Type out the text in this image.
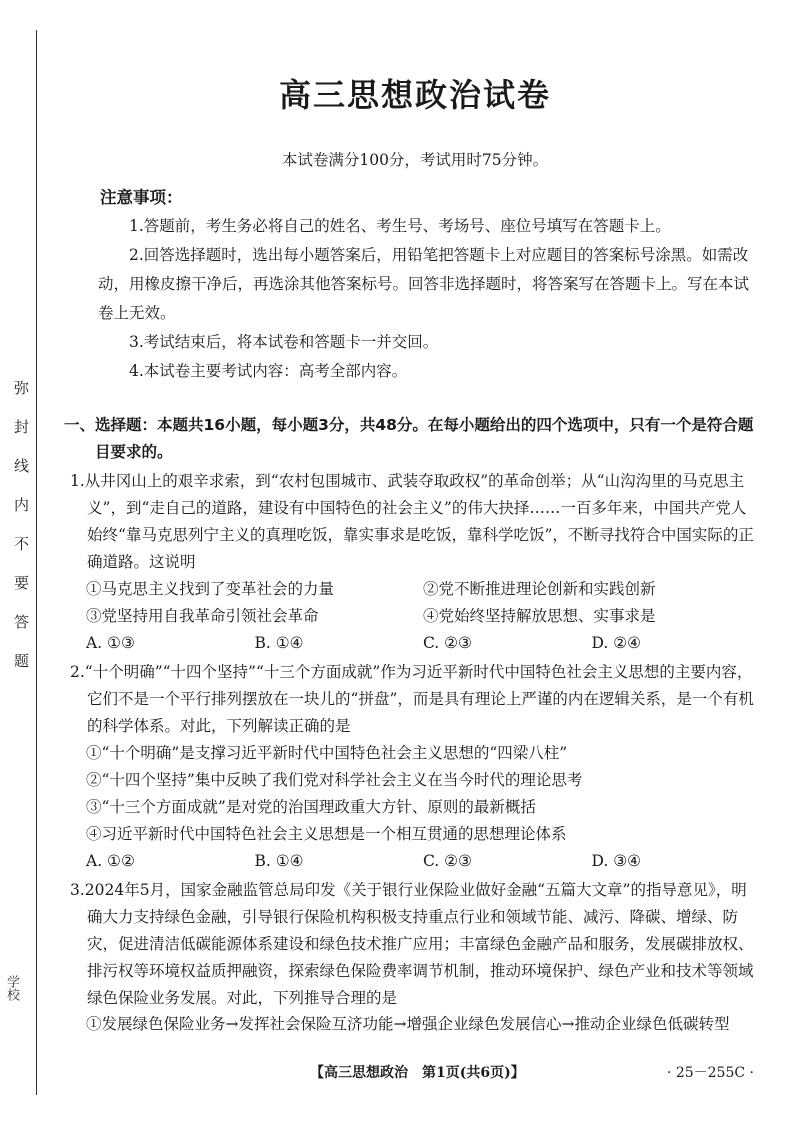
弥封线内不要答题
学校
高三思想政治试卷
本试卷满分100分，考试用时75分钟。
注意事项：
1.答题前，考生务必将自己的姓名、考生号、考场号、座位号填写在答题卡上。
2.回答选择题时，选出每小题答案后，用铅笔把答题卡上对应题目的答案标号涂黑。如需改动，用橡皮擦干净后，再选涂其他答案标号。回答非选择题时，将答案写在答题卡上。写在本试卷上无效。
3.考试结束后，将本试卷和答题卡一并交回。
4.本试卷主要考试内容：高考全部内容。
一、选择题：本题共16小题，每小题3分，共48分。在每小题给出的四个选项中，只有一个是符合题目要求的。
1.从井冈山上的艰辛求索，到“农村包围城市、武装夺取政权”的革命创举；从“山沟沟里的马克思主义”，到“走自己的道路，建设有中国特色的社会主义”的伟大抉择……一百多年来，中国共产党人始终“靠马克思列宁主义的真理吃饭，靠实事求是吃饭，靠科学吃饭”，不断寻找符合中国实际的正确道路。这说明
①马克思主义找到了变革社会的力量	②党不断推进理论创新和实践创新
③党坚持用自我革命引领社会革命	④党始终坚持解放思想、实事求是
A. ①③	B. ①④	C. ②③	D. ②④
2.“十个明确”“十四个坚持”“十三个方面成就”作为习近平新时代中国特色社会主义思想的主要内容，它们不是一个平行排列摆放在一块儿的“拼盘”，而是具有理论上严谨的内在逻辑关系，是一个有机的科学体系。对此，下列解读正确的是
①“十个明确”是支撑习近平新时代中国特色社会主义思想的“四梁八柱”
②“十四个坚持”集中反映了我们党对科学社会主义在当今时代的理论思考
③“十三个方面成就”是对党的治国理政重大方针、原则的最新概括
④习近平新时代中国特色社会主义思想是一个相互贯通的思想理论体系
A. ①②	B. ①④	C. ②③	D. ③④
3.2024年5月，国家金融监管总局印发《关于银行业保险业做好金融“五篇大文章”的指导意见》，明确大力支持绿色金融，引导银行保险机构积极支持重点行业和领域节能、减污、降碳、增绿、防灾，促进清洁低碳能源体系建设和绿色技术推广应用；丰富绿色金融产品和服务，发展碳排放权、排污权等环境权益质押融资，探索绿色保险费率调节机制，推动环境保护、绿色产业和技术等领域绿色保险业务发展。对此，下列推导合理的是
①发展绿色保险业务→发挥社会保险互济功能→增强企业绿色发展信心→推动企业绿色低碳转型
【高三思想政治　第1页(共6页)】	· 25－255C ·
